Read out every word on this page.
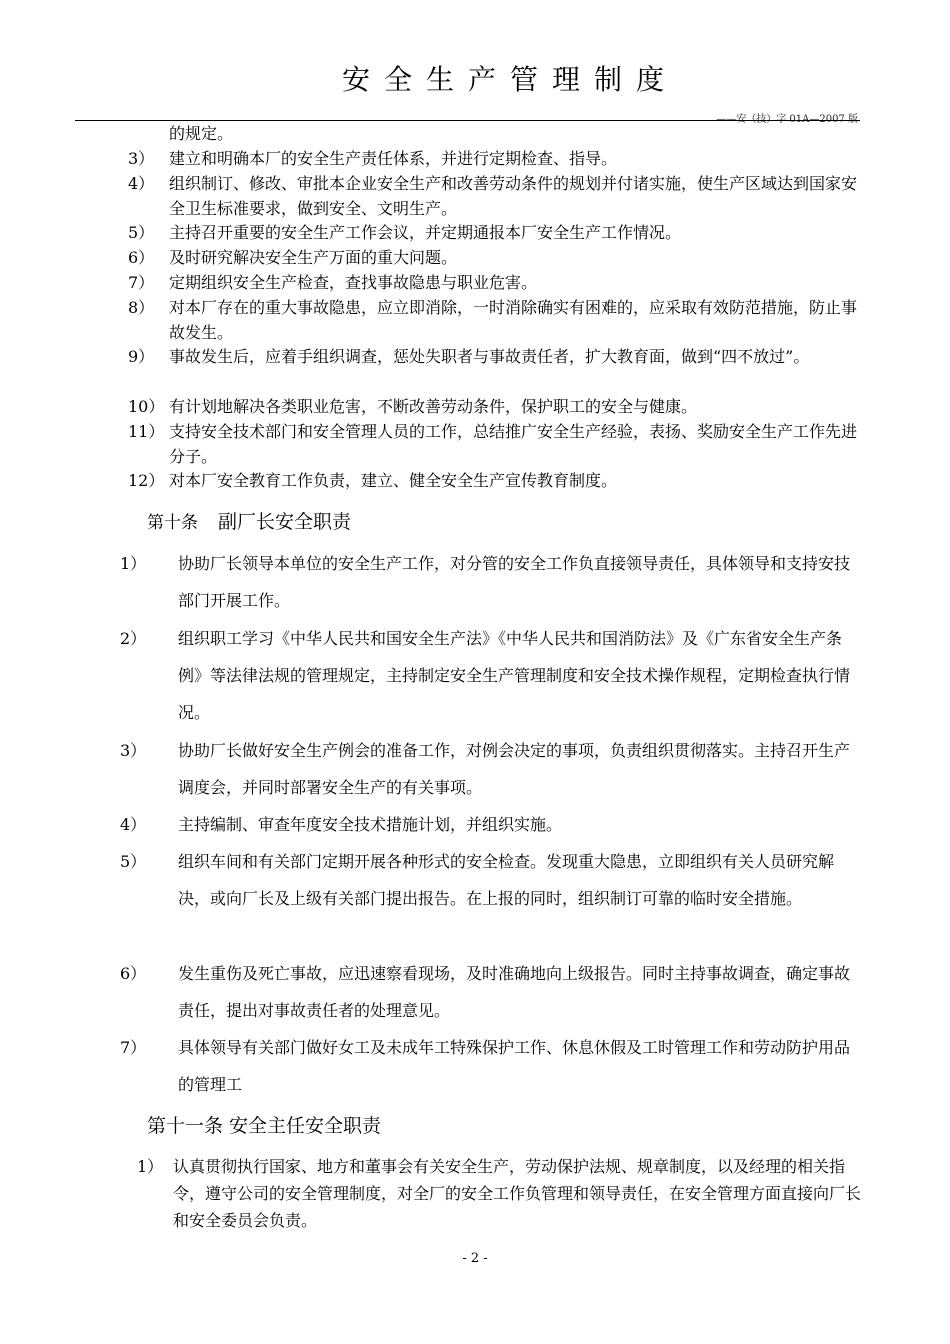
安全生产管理制度
——安（技）字 01A—2007 版
的规定。
3） 建立和明确本厂的安全生产责任体系，并进行定期检查、指导。
4） 组织制订、修改、审批本企业安全生产和改善劳动条件的规划并付诸实施，使生产区域达到国家安全卫生标准要求，做到安全、文明生产。
5） 主持召开重要的安全生产工作会议，并定期通报本厂安全生产工作情况。
6） 及时研究解决安全生产万面的重大问题。
7） 定期组织安全生产检查，查找事故隐患与职业危害。
8） 对本厂存在的重大事故隐患，应立即消除，一时消除确实有困难的，应采取有效防范措施，防止事故发生。
9） 事故发生后，应着手组织调查，惩处失职者与事故责任者，扩大教育面，做到“四不放过”。
10） 有计划地解决各类职业危害，不断改善劳动条件，保护职工的安全与健康。
11） 支持安全技术部门和安全管理人员的工作，总结推广安全生产经验，表扬、奖励安全生产工作先进分子。
12） 对本厂安全教育工作负责，建立、健全安全生产宣传教育制度。
第十条 副厂长安全职责
1）	协助厂长领导本单位的安全生产工作，对分管的安全工作负直接领导责任，具体领导和支持安技部门开展工作。
2）	组织职工学习《中华人民共和国安全生产法》《中华人民共和国消防法》及《广东省安全生产条例》等法律法规的管理规定，主持制定安全生产管理制度和安全技术操作规程，定期检查执行情况。
3）	协助厂长做好安全生产例会的准备工作，对例会决定的事项，负责组织贯彻落实。主持召开生产调度会，并同时部署安全生产的有关事项。
4）	主持编制、审查年度安全技术措施计划，并组织实施。
5）	组织车间和有关部门定期开展各种形式的安全检查。发现重大隐患，立即组织有关人员研究解决，或向厂长及上级有关部门提出报告。在上报的同时，组织制订可靠的临时安全措施。
6）	发生重伤及死亡事故，应迅速察看现场，及时准确地向上级报告。同时主持事故调查，确定事故责任，提出对事故责任者的处理意见。
7）	具体领导有关部门做好女工及未成年工特殊保护工作、休息休假及工时管理工作和劳动防护用品的管理工
第十一条 安全主任安全职责
1） 认真贯彻执行国家、地方和董事会有关安全生产，劳动保护法规、规章制度，以及经理的相关指令，遵守公司的安全管理制度，对全厂的安全工作负管理和领导责任，在安全管理方面直接向厂长和安全委员会负责。
- 2 -
